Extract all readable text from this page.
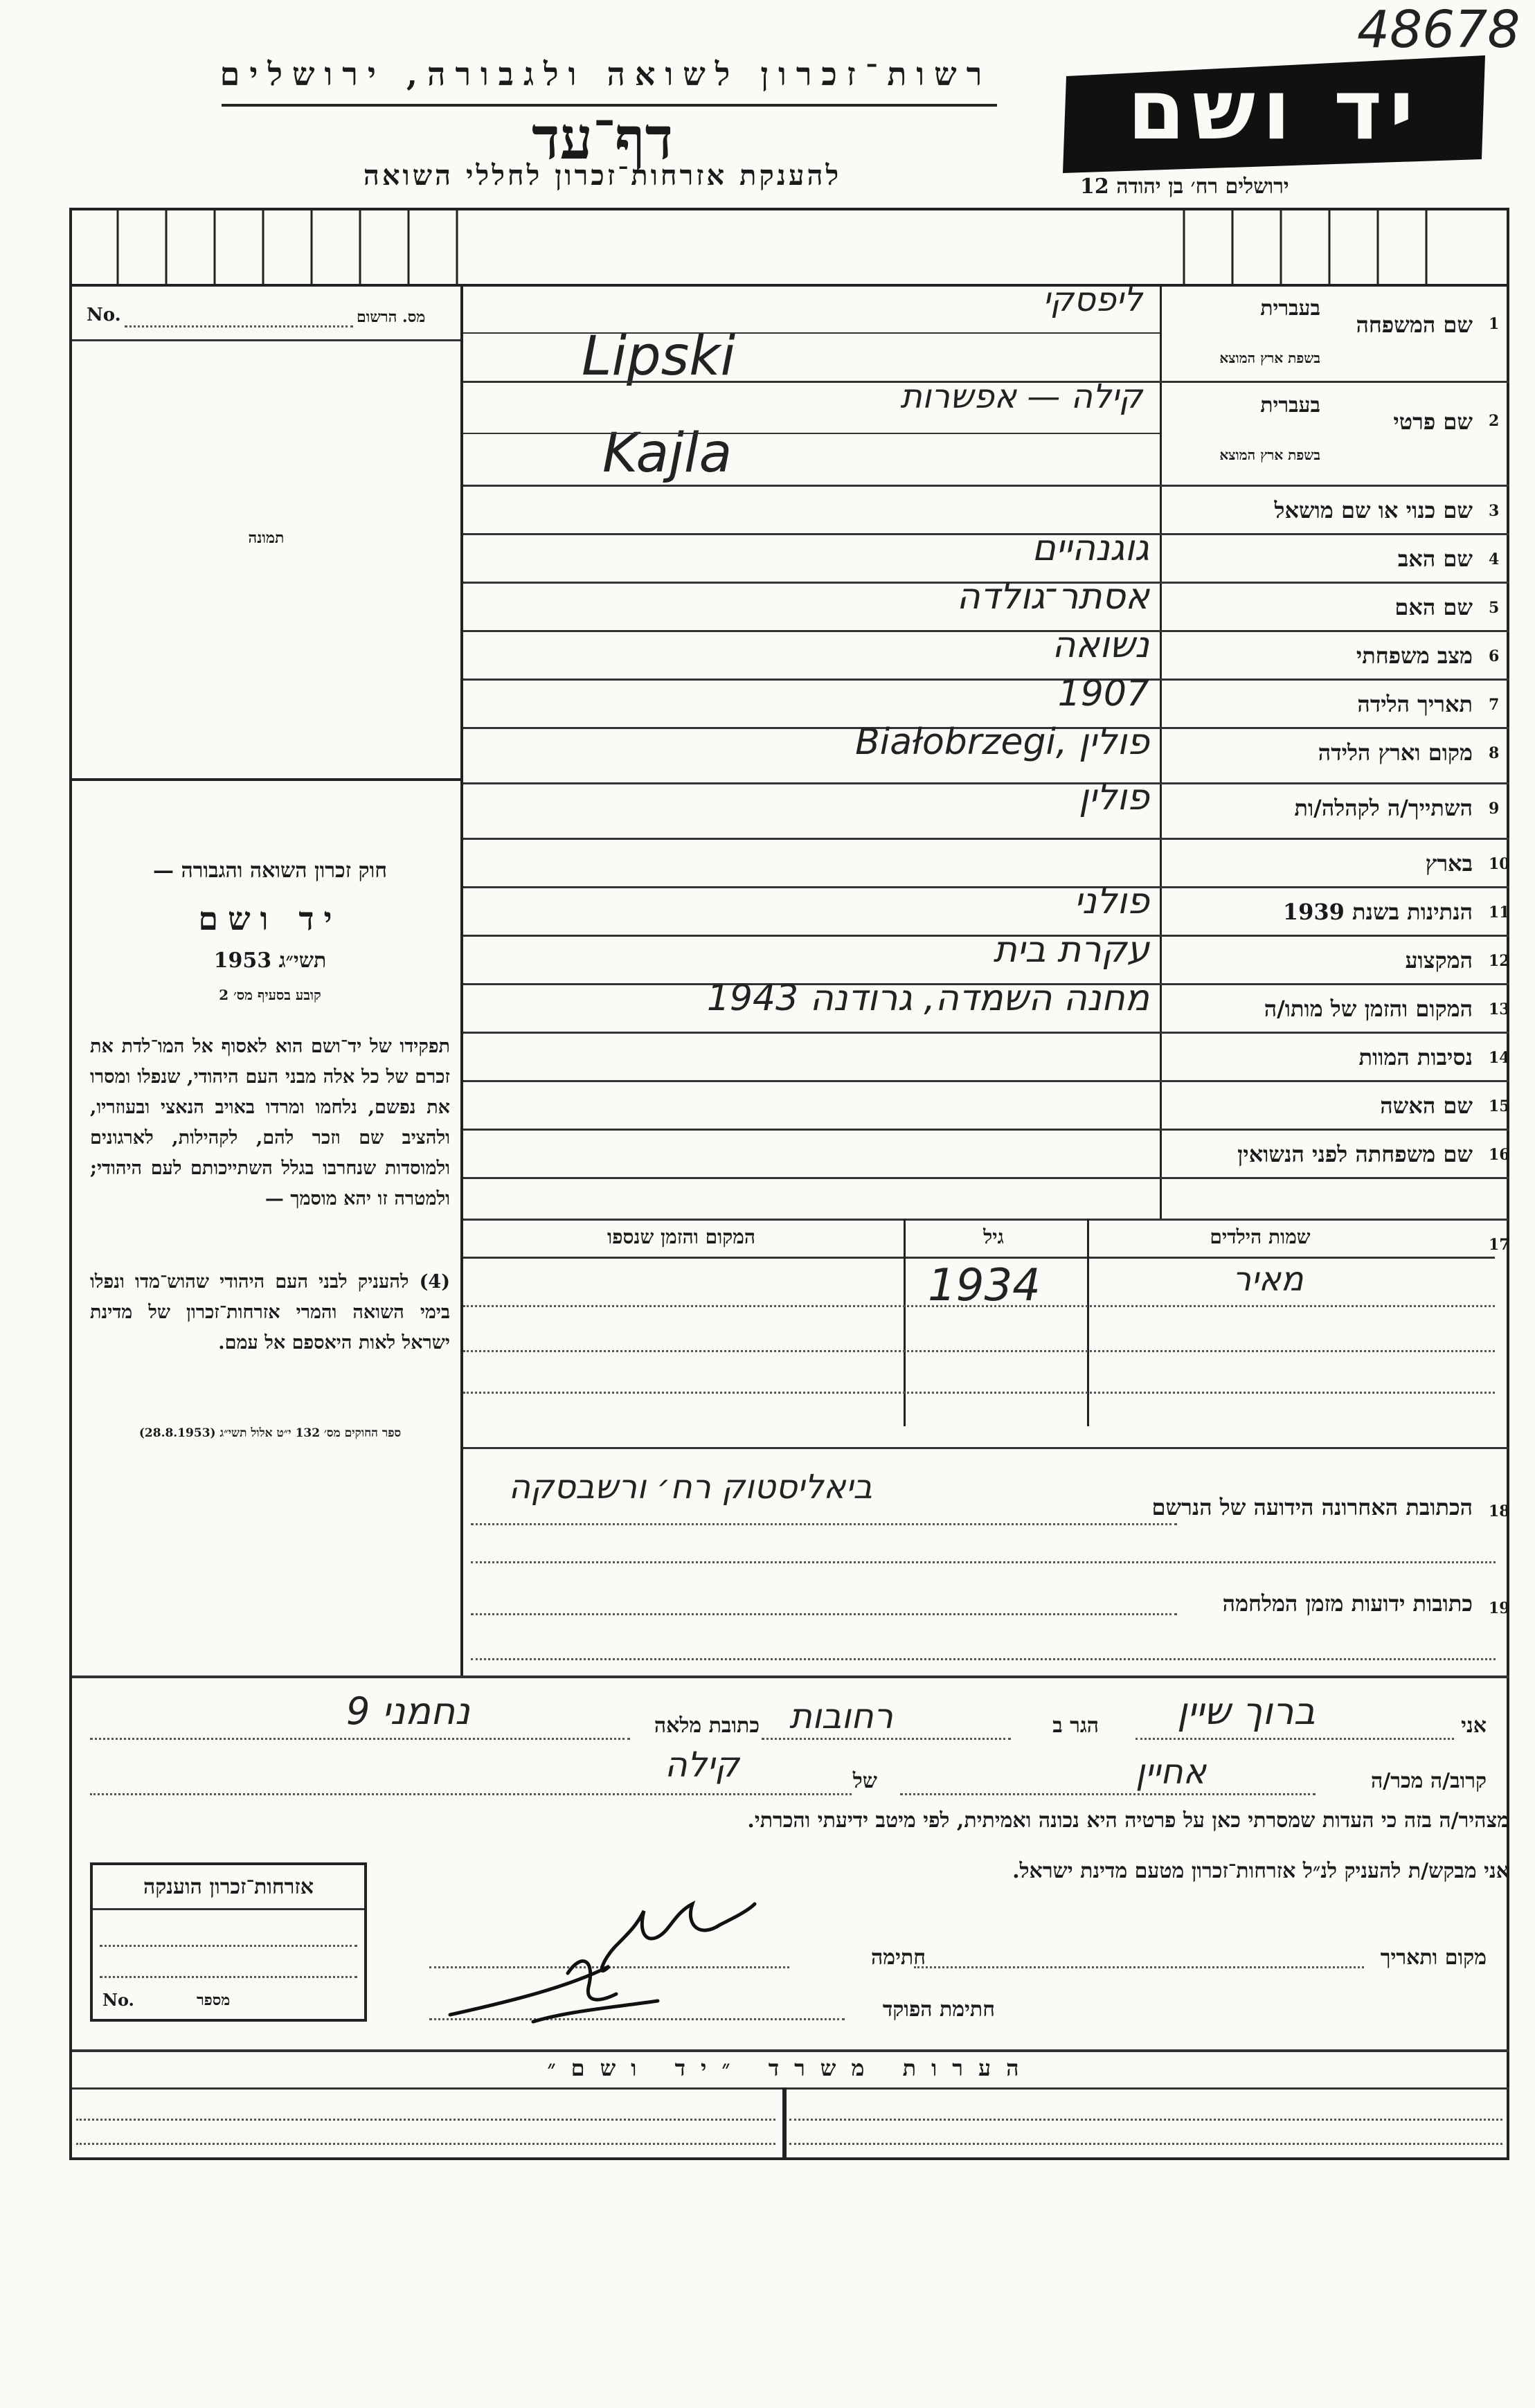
48678
רשות־זכרון לשואה ולגבורה, ירושלים
דף־עד
להענקת אזרחות־זכרון לחללי השואה
יד ושם
ירושלים רח׳ בן יהודה 12
No.	מס. הרשום
תמונה
חוק זכרון השואה והגבורה —
יד ושם
תשי״ג 1953
קובע בסעיף מס׳ 2
תפקידו של יד־ושם הוא לאסוף אל המו־לדת את זכרם של כל אלה מבני העם היהודי, שנפלו ומסרו את נפשם, נלחמו ומרדו באויב הנאצי ובעוזריו, ולהציב שם וזכר להם, לקהילות, לארגונים ולמוסדות שנחרבו בגלל השתייכותם לעם היהודי; ולמטרה זו יהא מוסמך —
(4) להעניק לבני העם היהודי שהוש־מדו ונפלו בימי השואה והמרי אזרחות־זכרון של מדינת ישראל לאות היאספם אל עמם.
ספר החוקים מס׳ 132 י״ט אלול תשי״ג (28.8.1953)
1
שם המשפחה
בעברית
בשפת ארץ המוצא
ליפסקי
Lipski
2
שם פרטי
בעברית
בשפת ארץ המוצא
קילה — אפשרות
Kajla
3
שם כנוי או שם מושאל
4
שם האב
גוגנהיים
5
שם האם
אסתר־גולדה
6
מצב משפחתי
נשואה
7
תאריך הלידה
1907
8
מקום וארץ הלידה
Białobrzegi, פולין
9
השתייך/ה לקהלה/ות
פולין
10
בארץ
11
הנתינות בשנת 1939
פולני
12
המקצוע
עקרת בית
13
המקום והזמן של מותו/ה
מחנה השמדה, גרודנה 1943
14
נסיבות המוות
15
שם האשה
16
שם משפחתה לפני הנשואין
17
שמות הילדים
גיל
המקום והזמן שנספו
מאיר
1934
18
הכתובת האחרונה הידועה של הנרשם
ביאליסטוק רח׳ ורשבסקה
19
כתובות ידועות מזמן המלחמה
אני
ברוך שיין
הגר ב
רחובות
כתובת מלאה
נחמני 9
קרוב/ה מכר/ה
אחיין
של
קילה
מצהיר/ה בזה כי העדות שמסרתי כאן על פרטיה היא נכונה ואמיתית, לפי מיטב ידיעתי והכרתי.
אני מבקש/ת להעניק לנ״ל אזרחות־זכרון מטעם מדינת ישראל.
מקום ותאריך
חתימה
חתימת הפוקד
אזרחות־זכרון הוענקה
No.	מספר
הערות משרד ״יד ושם״
